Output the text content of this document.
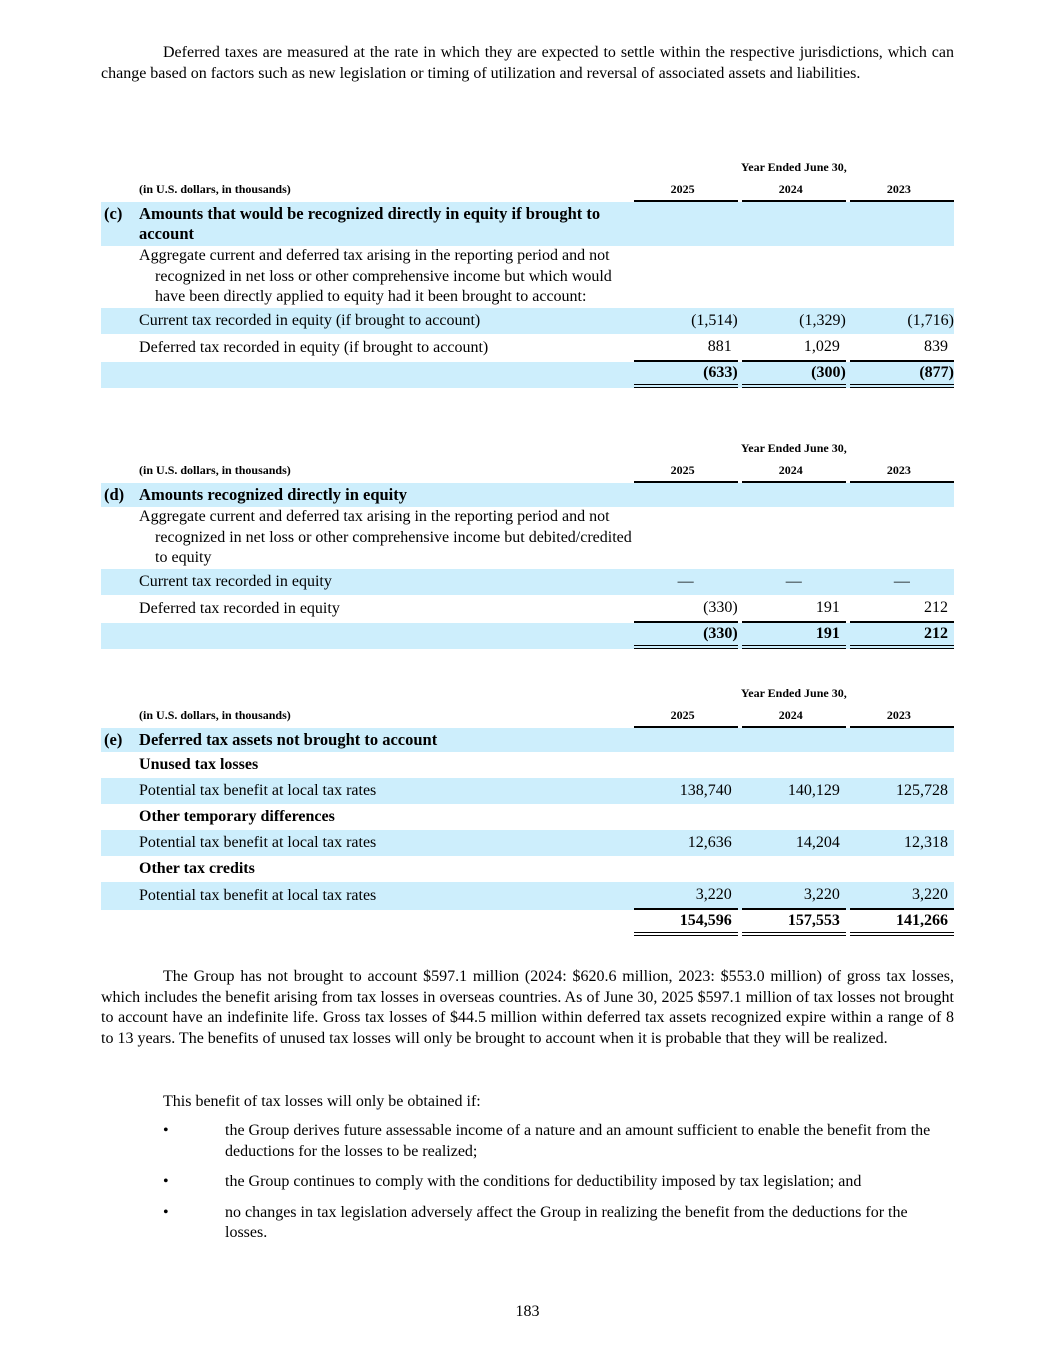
Deferred taxes are measured at the rate in which they are expected to settle within the respective jurisdictions, which can change based on factors such as new legislation or timing of utilization and reversal of associated assets and liabilities.

		Year Ended June 30,				
	(in U.S. dollars, in thousands)	2025		2024		2023
(c)	Amounts that would be recognized directly in equity if brought to account					

	Aggregate current and deferred tax arising in the reporting period and not recognized in net loss or other comprehensive income but which would have been directly applied to equity had it been brought to account:					

	Current tax recorded in equity (if brought to account)	(1,514)		(1,329)		(1,716)
	Deferred tax recorded in equity (if brought to account)	881		1,029		839
		(633)		(300)		(877)
		Year Ended June 30,				
	(in U.S. dollars, in thousands)	2025		2024		2023
(d)	Amounts recognized directly in equity					

	Aggregate current and deferred tax arising in the reporting period and not recognized in net loss or other comprehensive income but debited/credited to equity					

	Current tax recorded in equity	—		—		—
	Deferred tax recorded in equity	(330)		191		212
		(330)		191		212
		Year Ended June 30,				
	(in U.S. dollars, in thousands)	2025		2024		2023
(e)	Deferred tax assets not brought to account					
	Unused tax losses					
	Potential tax benefit at local tax rates	138,740		140,129		125,728
	Other temporary differences					
	Potential tax benefit at local tax rates	12,636		14,204		12,318
	Other tax credits					
	Potential tax benefit at local tax rates	3,220		3,220		3,220
		154,596		157,553		141,266

The Group has not brought to account $597.1 million (2024: $620.6 million, 2023: $553.0 million) of gross tax losses, which includes the benefit arising from tax losses in overseas countries. As of June 30, 2025 $597.1 million of tax losses not brought to account have an indefinite life. Gross tax losses of $44.5 million within deferred tax assets recognized expire within a range of 8 to 13 years. The benefits of unused tax losses will only be brought to account when it is probable that they will be realized.

This benefit of tax losses will only be obtained if:

•	the Group derives future assessable income of a nature and an amount sufficient to enable the benefit from the deductions for the losses to be realized;
•	the Group continues to comply with the conditions for deductibility imposed by tax legislation; and
•	no changes in tax legislation adversely affect the Group in realizing the benefit from the deductions for the losses.
183
